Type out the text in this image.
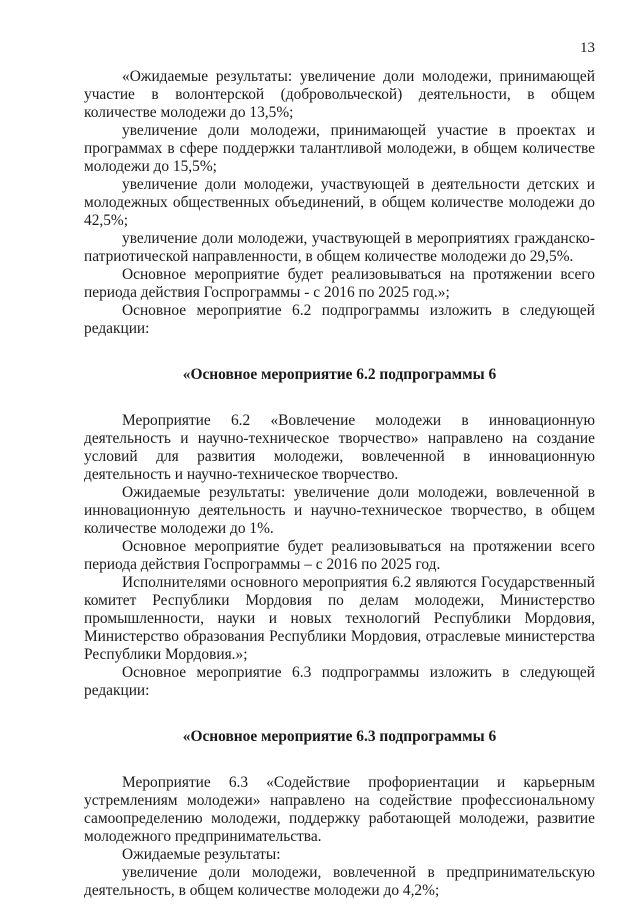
13

«Ожидаемые результаты: увеличение доли молодежи, принимающей участие в волонтерской (добровольческой) деятельности, в общем количестве молодежи до 13,5%;

увеличение доли молодежи, принимающей участие в проектах и программах в сфере поддержки талантливой молодежи, в общем количестве молодежи до 15,5%;

увеличение доли молодежи, участвующей в деятельности детских и молодежных общественных объединений, в общем количестве молодежи до 42,5%;

увеличение доли молодежи, участвующей в мероприятиях гражданско-патриотической направленности, в общем количестве молодежи до 29,5%.

Основное мероприятие будет реализовываться на протяжении всего периода действия Госпрограммы - с 2016 по 2025 год.»;

Основное мероприятие 6.2 подпрограммы изложить в следующей редакции:

«Основное мероприятие 6.2 подпрограммы 6

Мероприятие 6.2 «Вовлечение молодежи в инновационную деятельность и научно-техническое творчество» направлено на создание условий для развития молодежи, вовлеченной в инновационную деятельность и научно-техническое творчество.

Ожидаемые результаты: увеличение доли молодежи, вовлеченной в инновационную деятельность и научно-техническое творчество, в общем количестве молодежи до 1%.

Основное мероприятие будет реализовываться на протяжении всего периода действия Госпрограммы – с 2016 по 2025 год.

Исполнителями основного мероприятия 6.2 являются Государственный комитет Республики Мордовия по делам молодежи, Министерство промышленности, науки и новых технологий Республики Мордовия, Министерство образования Республики Мордовия, отраслевые министерства Республики Мордовия.»;

Основное мероприятие 6.3 подпрограммы изложить в следующей редакции:

«Основное мероприятие 6.3 подпрограммы 6

Мероприятие 6.3 «Содействие профориентации и карьерным устремлениям молодежи» направлено на содействие профессиональному самоопределению молодежи, поддержку работающей молодежи, развитие молодежного предпринимательства.

Ожидаемые результаты:

увеличение доли молодежи, вовлеченной в предпринимательскую деятельность, в общем количестве молодежи до 4,2%;
